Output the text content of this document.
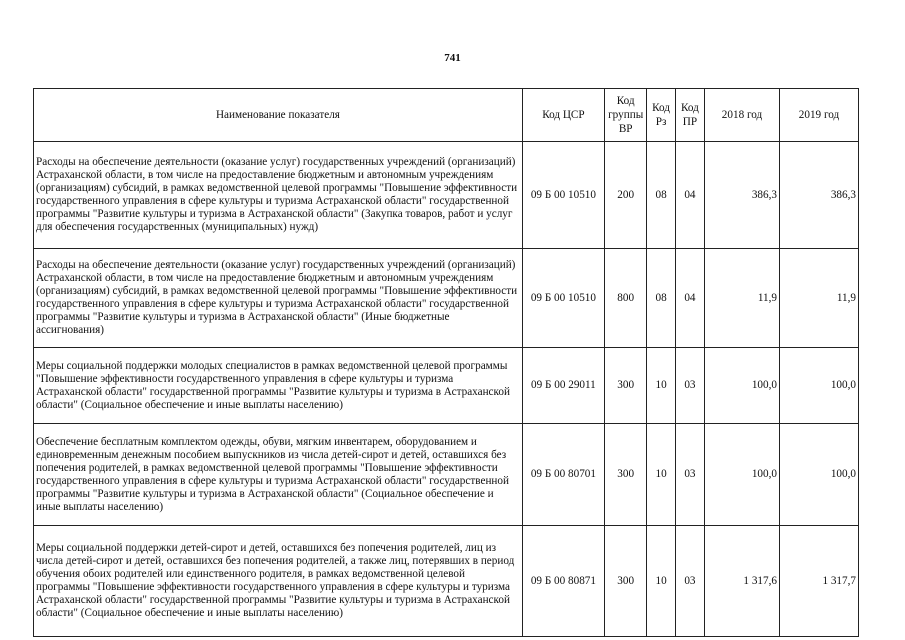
741
Наименование показателя	Код ЦСР	Код группы ВР	Код Рз	Код ПР	2018 год	2019 год
Расходы на обеспечение деятельности (оказание услуг) государственных учреждений (организаций) Астраханской области, в том числе на предоставление бюджетным и автономным учреждениям (организациям) субсидий, в рамках ведомственной целевой программы "Повышение эффективности государственного управления в сфере культуры и туризма Астраханской области" государственной программы "Развитие культуры и туризма в Астраханской области" (Закупка товаров, работ и услуг для обеспечения государственных (муниципальных) нужд)	09 Б 00 10510	200	08	04	386,3	386,3
Расходы на обеспечение деятельности (оказание услуг) государственных учреждений (организаций) Астраханской области, в том числе на предоставление бюджетным и автономным учреждениям (организациям) субсидий, в рамках ведомственной целевой программы "Повышение эффективности государственного управления в сфере культуры и туризма Астраханской области" государственной программы "Развитие культуры и туризма в Астраханской области" (Иные бюджетные ассигнования)	09 Б 00 10510	800	08	04	11,9	11,9
Меры социальной поддержки молодых специалистов в рамках ведомственной целевой программы "Повышение эффективности государственного управления в сфере культуры и туризма Астраханской области" государственной программы "Развитие культуры и туризма в Астраханской области" (Социальное обеспечение и иные выплаты населению)	09 Б 00 29011	300	10	03	100,0	100,0
Обеспечение бесплатным комплектом одежды, обуви, мягким инвентарем, оборудованием и единовременным денежным пособием выпускников из числа детей-сирот и детей, оставшихся без попечения родителей, в рамках ведомственной целевой программы "Повышение эффективности государственного управления в сфере культуры и туризма Астраханской области" государственной программы "Развитие культуры и туризма в Астраханской области" (Социальное обеспечение и иные выплаты населению)	09 Б 00 80701	300	10	03	100,0	100,0
Меры социальной поддержки детей-сирот и детей, оставшихся без попечения родителей, лиц из числа детей-сирот и детей, оставшихся без попечения родителей, а также лиц, потерявших в период обучения обоих родителей или единственного родителя, в рамках ведомственной целевой программы "Повышение эффективности государственного управления в сфере культуры и туризма Астраханской области" государственной программы "Развитие культуры и туризма в Астраханской области" (Социальное обеспечение и иные выплаты населению)	09 Б 00 80871	300	10	03	1 317,6	1 317,7
